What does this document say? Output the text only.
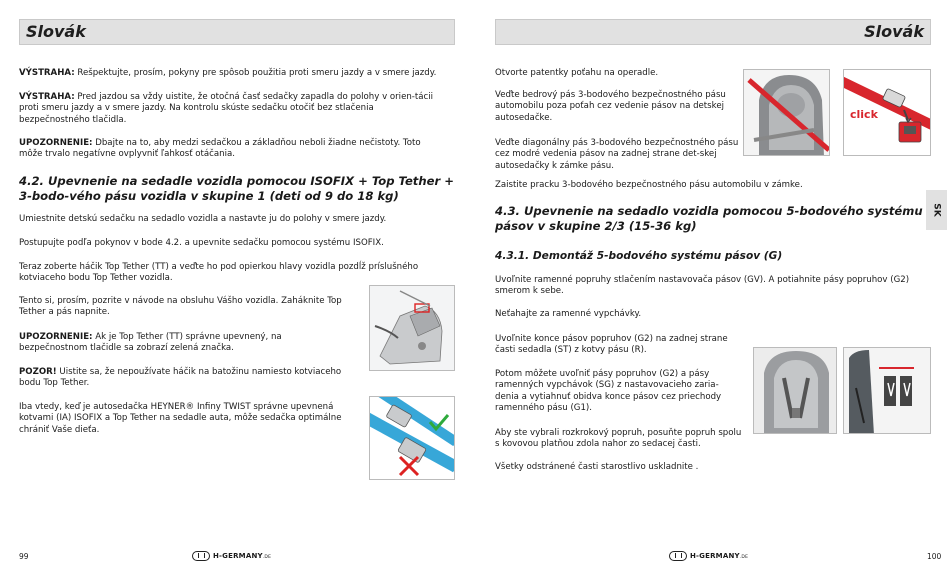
Slovák

VÝSTRAHA: Rešpektujte, prosím, pokyny pre spôsob použitia proti smeru jazdy a v smere jazdy.

VÝSTRAHA: Pred jazdou sa vždy uistite, že otočná časť sedačky zapadla do polohy v orien-tácii proti smeru jazdy a v smere jazdy. Na kontrolu skúste sedačku otočiť bez stlačenia bezpečnostného tlačidla.

UPOZORNENIE: Dbajte na to, aby medzi sedačkou a základňou neboli žiadne nečistoty. Toto môže trvalo negatívne ovplyvniť ľahkosť otáčania.

4.2. Upevnenie na sedadle vozidla pomocou ISOFIX + Top Tether + 3-bodo-vého pásu vozidla v skupine 1 (deti od 9 do 18 kg)

Umiestnite detskú sedačku na sedadlo vozidla a nastavte ju do polohy v smere jazdy.

Postupujte podľa pokynov v bode 4.2. a upevnite sedačku pomocou systému ISOFIX.

Teraz zoberte háčik Top Tether (TT) a veďte ho pod opierkou hlavy vozidla pozdĺž príslušného kotviaceho bodu Top Tether vozidla.

Tento si, prosím, pozrite v návode na obsluhu Vášho vozidla. Zaháknite Top Tether a pás napnite.

UPOZORNENIE: Ak je Top Tether (TT) správne upevnený, na bezpečnostnom tlačidle sa zobrazí zelená značka.

POZOR! Uistite sa, že nepoužívate háčik na batožinu namiesto kotviaceho bodu Top Tether.

Iba vtedy, keď je autosedačka HEYNER® Infiny TWIST správne upevnená kotvami (IA) ISOFIX a Top Tether na sedadle auta, môže sedačka optimálne chrániť Vaše dieťa.

99	H-GERMANY.DE
Slovák

Otvorte patentky poťahu na operadle.

Veďte bedrový pás 3-bodového bezpečnostného pásu automobilu poza poťah cez vedenie pásov na detskej autosedačke.

Veďte diagonálny pás 3-bodového bezpečnostného pásu cez modré vedenia pásov na zadnej strane det-skej autosedačky k zámke pásu.

Zaistite pracku 3-bodového bezpečnostného pásu automobilu v zámke.

4.3. Upevnenie na sedadlo vozidla pomocou 5-bodového systému pásov v skupine 2/3 (15-36 kg)
4.3.1. Demontáž 5-bodového systému pásov (G)

Uvoľnite ramenné popruhy stlačením nastavovača pásov (GV). A potiahnite pásy popruhov (G2) smerom k sebe.

Neťahajte za ramenné vypchávky.

Uvoľnite konce pásov popruhov (G2) na zadnej strane časti sedadla (ST) z kotvy pásu (R).

Potom môžete uvoľniť pásy popruhov (G2) a pásy ramenných vypchávok (SG) z nastavovacieho zaria-denia a vytiahnuť obidva konce pásov cez priechody ramenného pásu (G1).

Aby ste vybrali rozkrokový popruh, posuňte popruh spolu s kovovou platňou zdola nahor zo sedacej časti.

Všetky odstránené časti starostlivo uskladnite .

click
100
H-GERMANY.DE
SK
